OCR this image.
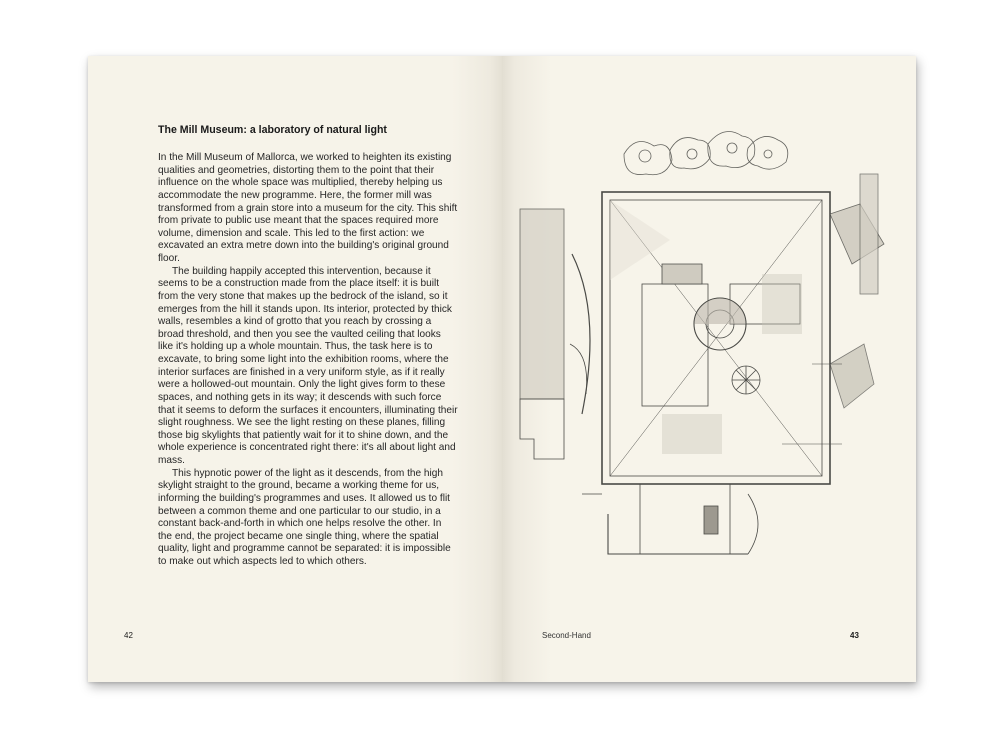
The Mill Museum: a laboratory of natural light

In the Mill Museum of Mallorca, we worked to heighten its existing qualities and geometries, distorting them to the point that their influence on the whole space was multiplied, thereby helping us accommodate the new programme. Here, the former mill was transformed from a grain store into a museum for the city. This shift from private to public use meant that the spaces required more volume, dimension and scale. This led to the first action: we excavated an extra metre down into the building's original ground floor.

The building happily accepted this intervention, because it seems to be a construction made from the place itself: it is built from the very stone that makes up the bedrock of the island, so it emerges from the hill it stands upon. Its interior, protected by thick walls, resembles a kind of grotto that you reach by crossing a broad threshold, and then you see the vaulted ceiling that looks like it's holding up a whole mountain. Thus, the task here is to excavate, to bring some light into the exhibition rooms, where the interior surfaces are finished in a very uniform style, as if it really were a hollowed-out mountain. Only the light gives form to these spaces, and nothing gets in its way; it descends with such force that it seems to deform the surfaces it encounters, illuminating their slight roughness. We see the light resting on these planes, filling those big skylights that patiently wait for it to shine down, and the whole experience is concentrated right there: it's all about light and mass.

This hypnotic power of the light as it descends, from the high skylight straight to the ground, became a working theme for us, informing the building's programmes and uses. It allowed us to flit between a common theme and one particular to our studio, in a constant back-and-forth in which one helps resolve the other. In the end, the project became one single thing, where the spatial quality, light and programme cannot be separated: it is impossible to make out which aspects led to which others.

42	Second-Hand	43
